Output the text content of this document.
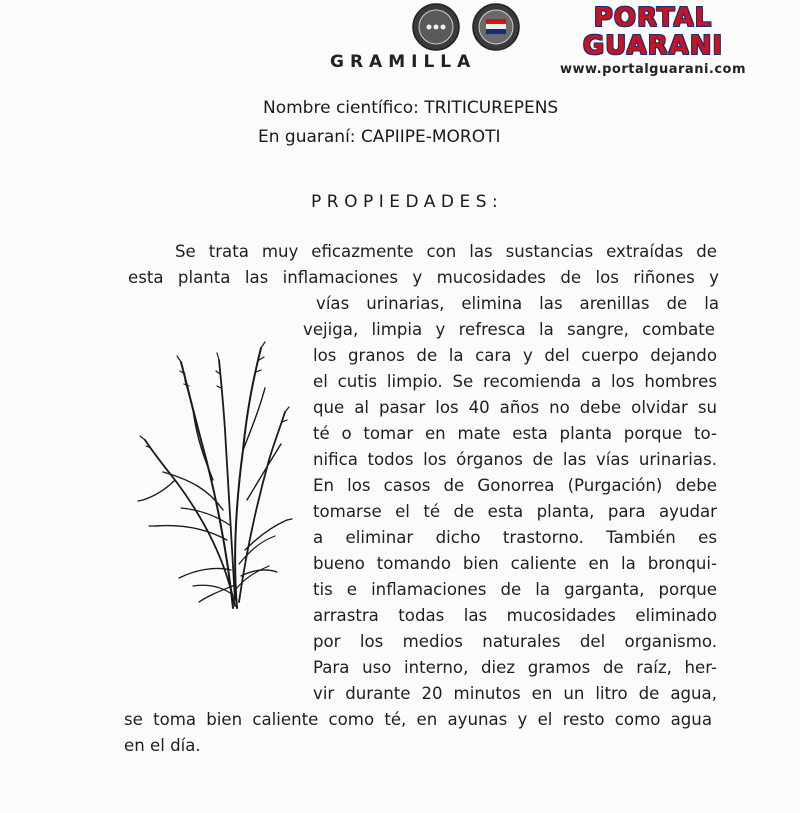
PORTAL GUARANI
www.portalguarani.com
GRAMILLA
Nombre científico: TRITICUREPENS
En guaraní: CAPIIPE-MOROTI
PROPIEDADES:
Se trata muy eficazmente con las sustancias extraídas de
esta planta las inflamaciones y mucosidades de los riñones y
vías urinarias, elimina las arenillas de la
vejiga, limpia y refresca la sangre, combate
los granos de la cara y del cuerpo dejando
el cutis limpio. Se recomienda a los hombres
que al pasar los 40 años no debe olvidar su
té o tomar en mate esta planta porque to-
nifica todos los órganos de las vías urinarias.
En los casos de Gonorrea (Purgación) debe
tomarse el té de esta planta, para ayudar
a eliminar dicho trastorno. También es
bueno tomando bien caliente en la bronqui-
tis e inflamaciones de la garganta, porque
arrastra todas las mucosidades eliminado
por los medios naturales del organismo.
Para uso interno, diez gramos de raíz, her-
vir durante 20 minutos en un litro de agua,
se toma bien caliente como té, en ayunas y el resto como agua
en el día.
